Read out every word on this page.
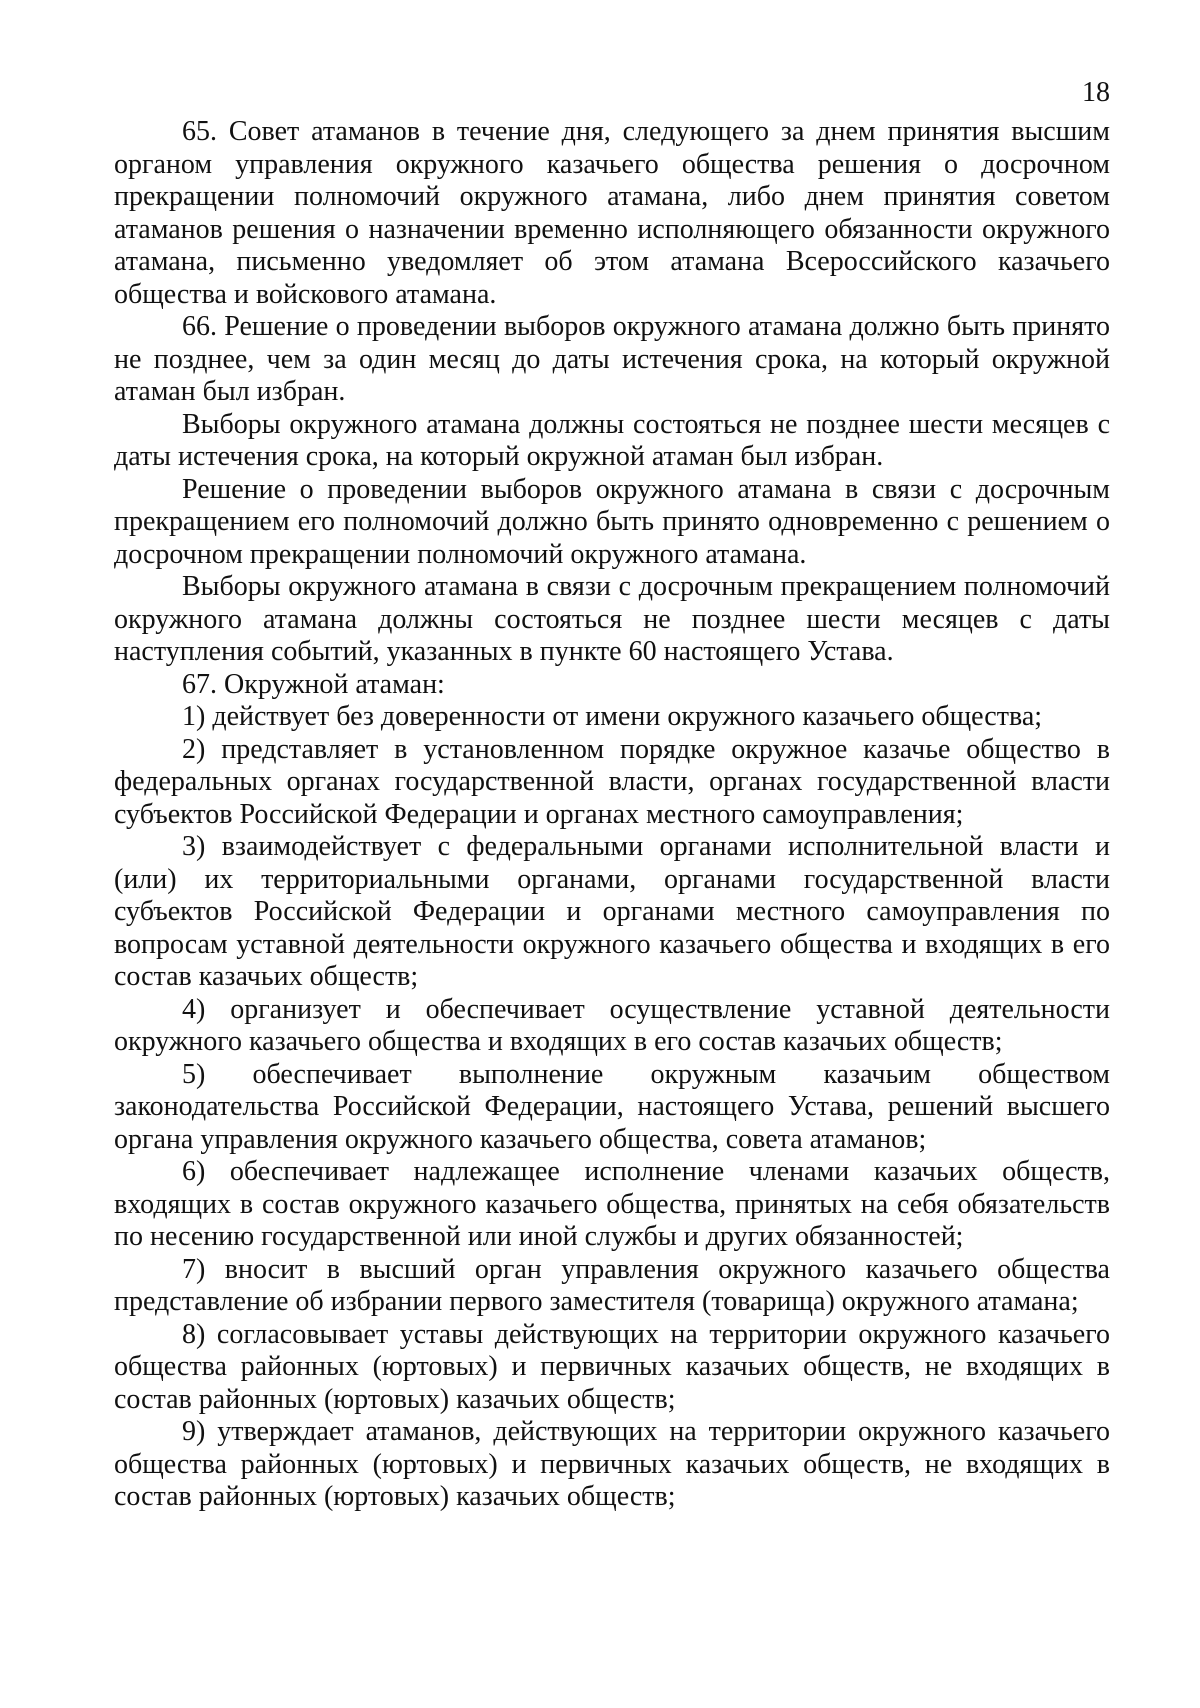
18

65. Совет атаманов в течение дня, следующего за днем принятия высшим органом управления окружного казачьего общества решения о досрочном прекращении полномочий окружного атамана, либо днем принятия советом атаманов решения о назначении временно исполняющего обязанности окружного атамана, письменно уведомляет об этом атамана Всероссийского казачьего общества и войскового атамана.

66. Решение о проведении выборов окружного атамана должно быть принято не позднее, чем за один месяц до даты истечения срока, на который окружной атаман был избран.

Выборы окружного атамана должны состояться не позднее шести месяцев с даты истечения срока, на который окружной атаман был избран.

Решение о проведении выборов окружного атамана в связи с досрочным прекращением его полномочий должно быть принято одновременно с решением о досрочном прекращении полномочий окружного атамана.

Выборы окружного атамана в связи с досрочным прекращением полномочий окружного атамана должны состояться не позднее шести месяцев с даты наступления событий, указанных в пункте 60 настоящего Устава.

67. Окружной атаман:

1) действует без доверенности от имени окружного казачьего общества;

2) представляет в установленном порядке окружное казачье общество в федеральных органах государственной власти, органах государственной власти субъектов Российской Федерации и органах местного самоуправления;

3) взаимодействует с федеральными органами исполнительной власти и (или) их территориальными органами, органами государственной власти субъектов Российской Федерации и органами местного самоуправления по вопросам уставной деятельности окружного казачьего общества и входящих в его состав казачьих обществ;

4) организует и обеспечивает осуществление уставной деятельности окружного казачьего общества и входящих в его состав казачьих обществ;

5) обеспечивает выполнение окружным казачьим обществом законодательства Российской Федерации, настоящего Устава, решений высшего органа управления окружного казачьего общества, совета атаманов;

6) обеспечивает надлежащее исполнение членами казачьих обществ, входящих в состав окружного казачьего общества, принятых на себя обязательств по несению государственной или иной службы и других обязанностей;

7) вносит в высший орган управления окружного казачьего общества представление об избрании первого заместителя (товарища) окружного атамана;

8) согласовывает уставы действующих на территории окружного казачьего общества районных (юртовых) и первичных казачьих обществ, не входящих в состав районных (юртовых) казачьих обществ;

9) утверждает атаманов, действующих на территории окружного казачьего общества районных (юртовых) и первичных казачьих обществ, не входящих в состав районных (юртовых) казачьих обществ;
